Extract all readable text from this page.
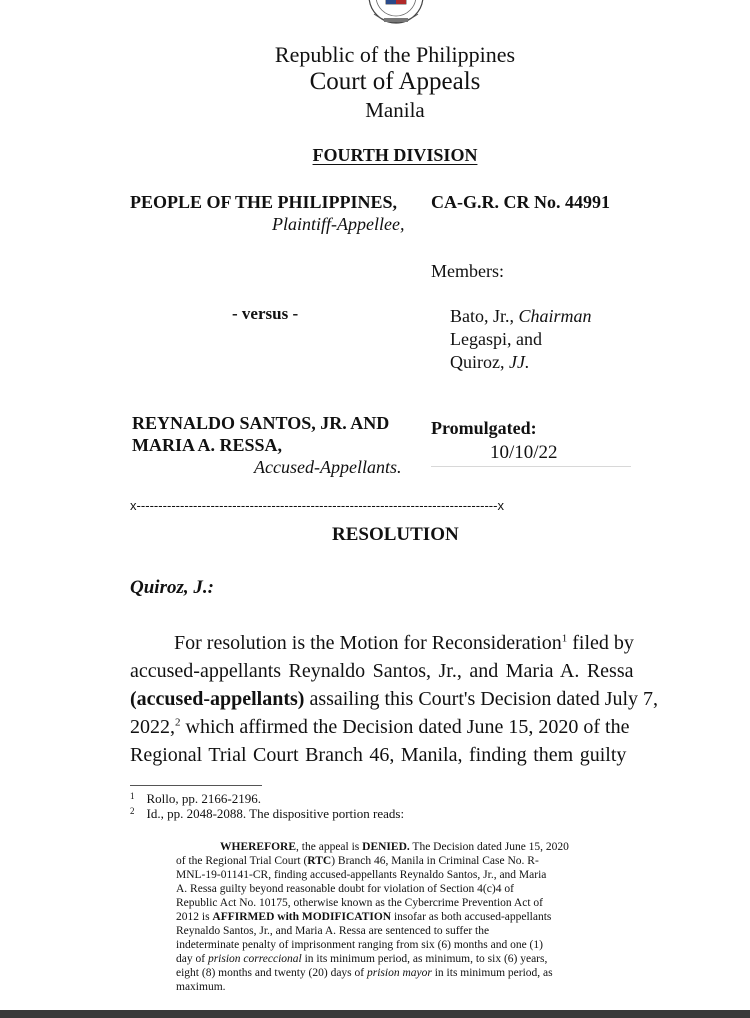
Republic of the Philippines
Court of Appeals
Manila
FOURTH DIVISION
PEOPLE OF THE PHILIPPINES,
Plaintiff-Appellee,
CA-G.R. CR No. 44991
Members:
- versus -	Bato, Jr., Chairman
Legaspi, and
Quiroz, JJ.
REYNALDO SANTOS, JR. AND
MARIA A. RESSA,
Accused-Appellants.
Promulgated:
10/10/22
x-----------------------------------------------------------------------------------x
RESOLUTION
Quiroz, J.:
For resolution is the Motion for Reconsideration$^1$ filed by
accused-appellants Reynaldo Santos, Jr., and Maria A. Ressa
(accused-appellants) assailing this Court's Decision dated July 7,
2022,$^2$ which affirmed the Decision dated June 15, 2020 of the
Regional Trial Court Branch 46, Manila, finding them guilty
$^1$ Rollo, pp. 2166-2196.
$^2$ Id., pp. 2048-2088. The dispositive portion reads:
WHEREFORE, the appeal is DENIED. The Decision dated June 15, 2020
of the Regional Trial Court (RTC) Branch 46, Manila in Criminal Case No. R-
MNL-19-01141-CR, finding accused-appellants Reynaldo Santos, Jr., and Maria
A. Ressa guilty beyond reasonable doubt for violation of Section 4(c)4 of
Republic Act No. 10175, otherwise known as the Cybercrime Prevention Act of
2012 is AFFIRMED with MODIFICATION insofar as both accused-appellants
Reynaldo Santos, Jr., and Maria A. Ressa are sentenced to suffer the
indeterminate penalty of imprisonment ranging from six (6) months and one (1)
day of prision correccional in its minimum period, as minimum, to six (6) years,
eight (8) months and twenty (20) days of prision mayor in its minimum period, as
maximum.
